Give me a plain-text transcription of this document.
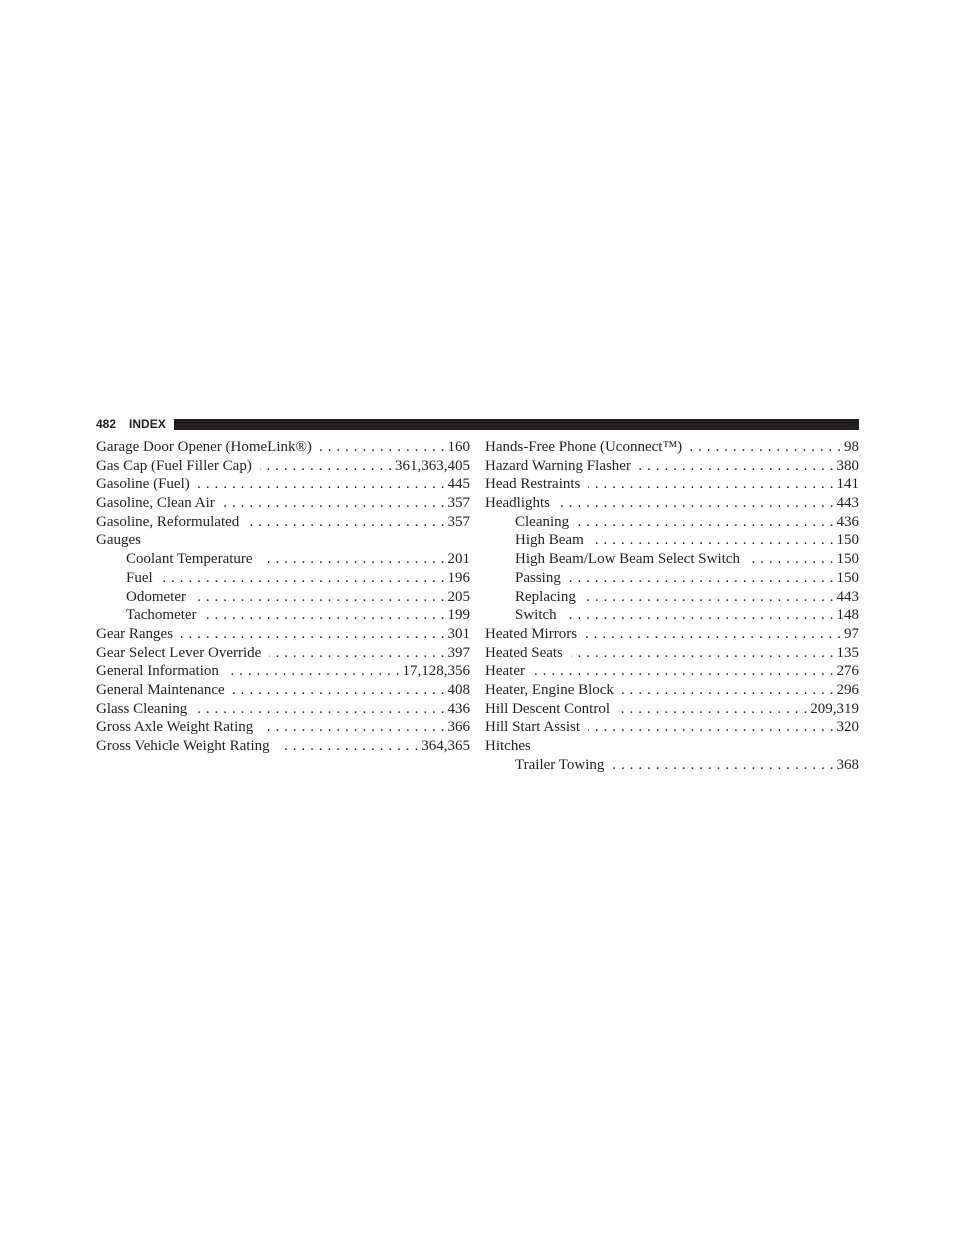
482 INDEX
Garage Door Opener (HomeLink®) . . .	160
Gas Cap (Fuel Filler Cap) . . .	361,363,405
Gasoline (Fuel) . . .	445
Gasoline, Clean Air . . .	357
Gasoline, Reformulated . . .	357
Gauges
Coolant Temperature . . .	201
Fuel . . .	196
Odometer . . .	205
Tachometer . . .	199
Gear Ranges . . .	301
Gear Select Lever Override . . .	397
General Information . . .	17,128,356
General Maintenance . . .	408
Glass Cleaning . . .	436
Gross Axle Weight Rating . . .	366
Gross Vehicle Weight Rating . . .	364,365
Hands-Free Phone (Uconnect™) . . .	98
Hazard Warning Flasher . . .	380
Head Restraints . . .	141
Headlights . . .	443
Cleaning . . .	436
High Beam . . .	150
High Beam/Low Beam Select Switch . . .	150
Passing . . .	150
Replacing . . .	443
Switch . . .	148
Heated Mirrors . . .	97
Heated Seats . . .	135
Heater . . .	276
Heater, Engine Block . . .	296
Hill Descent Control . . .	209,319
Hill Start Assist . . .	320
Hitches
Trailer Towing . . .	368
